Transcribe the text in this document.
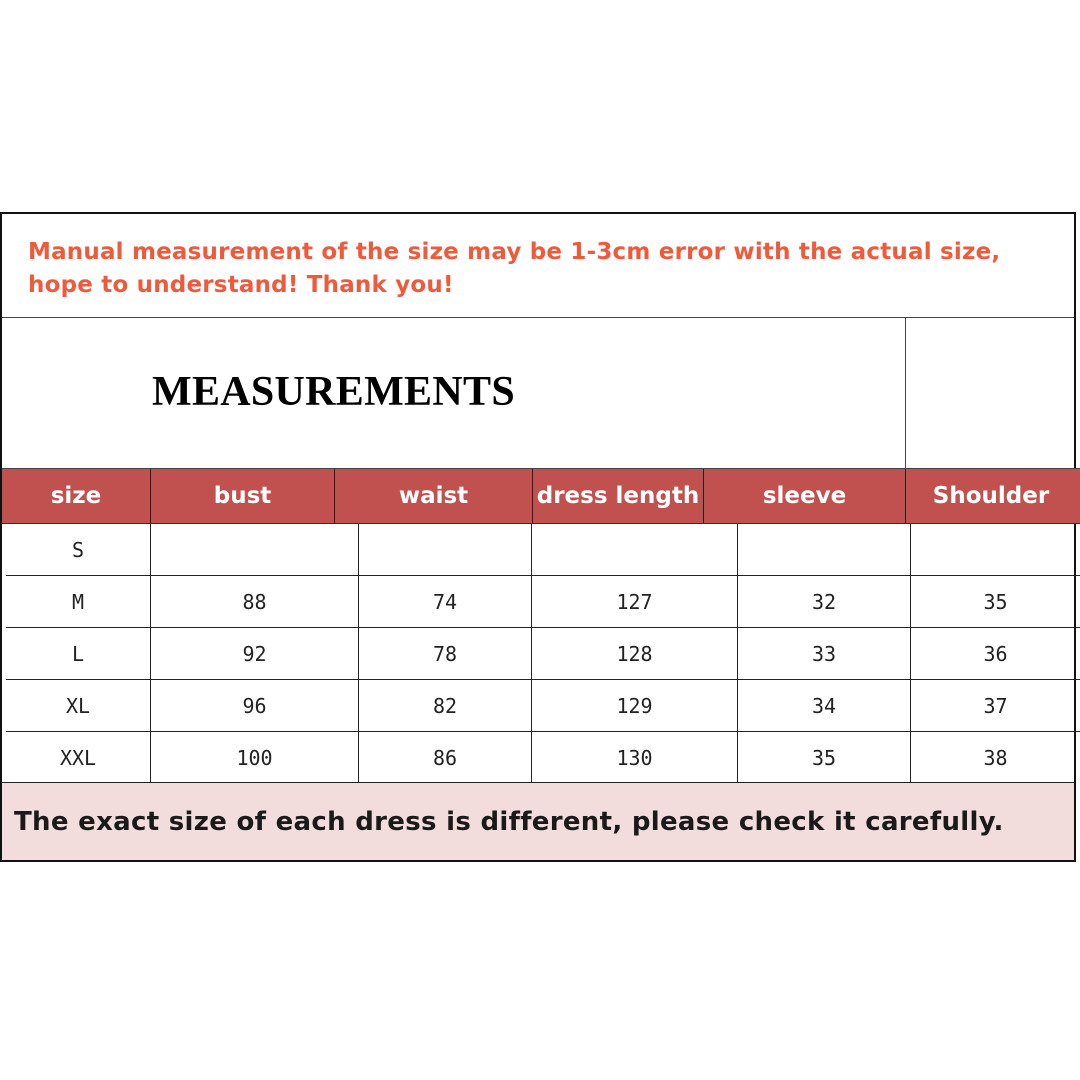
Manual measurement of the size may be 1-3cm error with the actual size, hope to understand! Thank you!
MEASUREMENTS
size	bust	waist	dress length	sleeve	Shoulder
S
M	88	74	127	32	35
L	92	78	128	33	36
XL	96	82	129	34	37
XXL	100	86	130	35	38
The exact size of each dress is different, please check it carefully.
